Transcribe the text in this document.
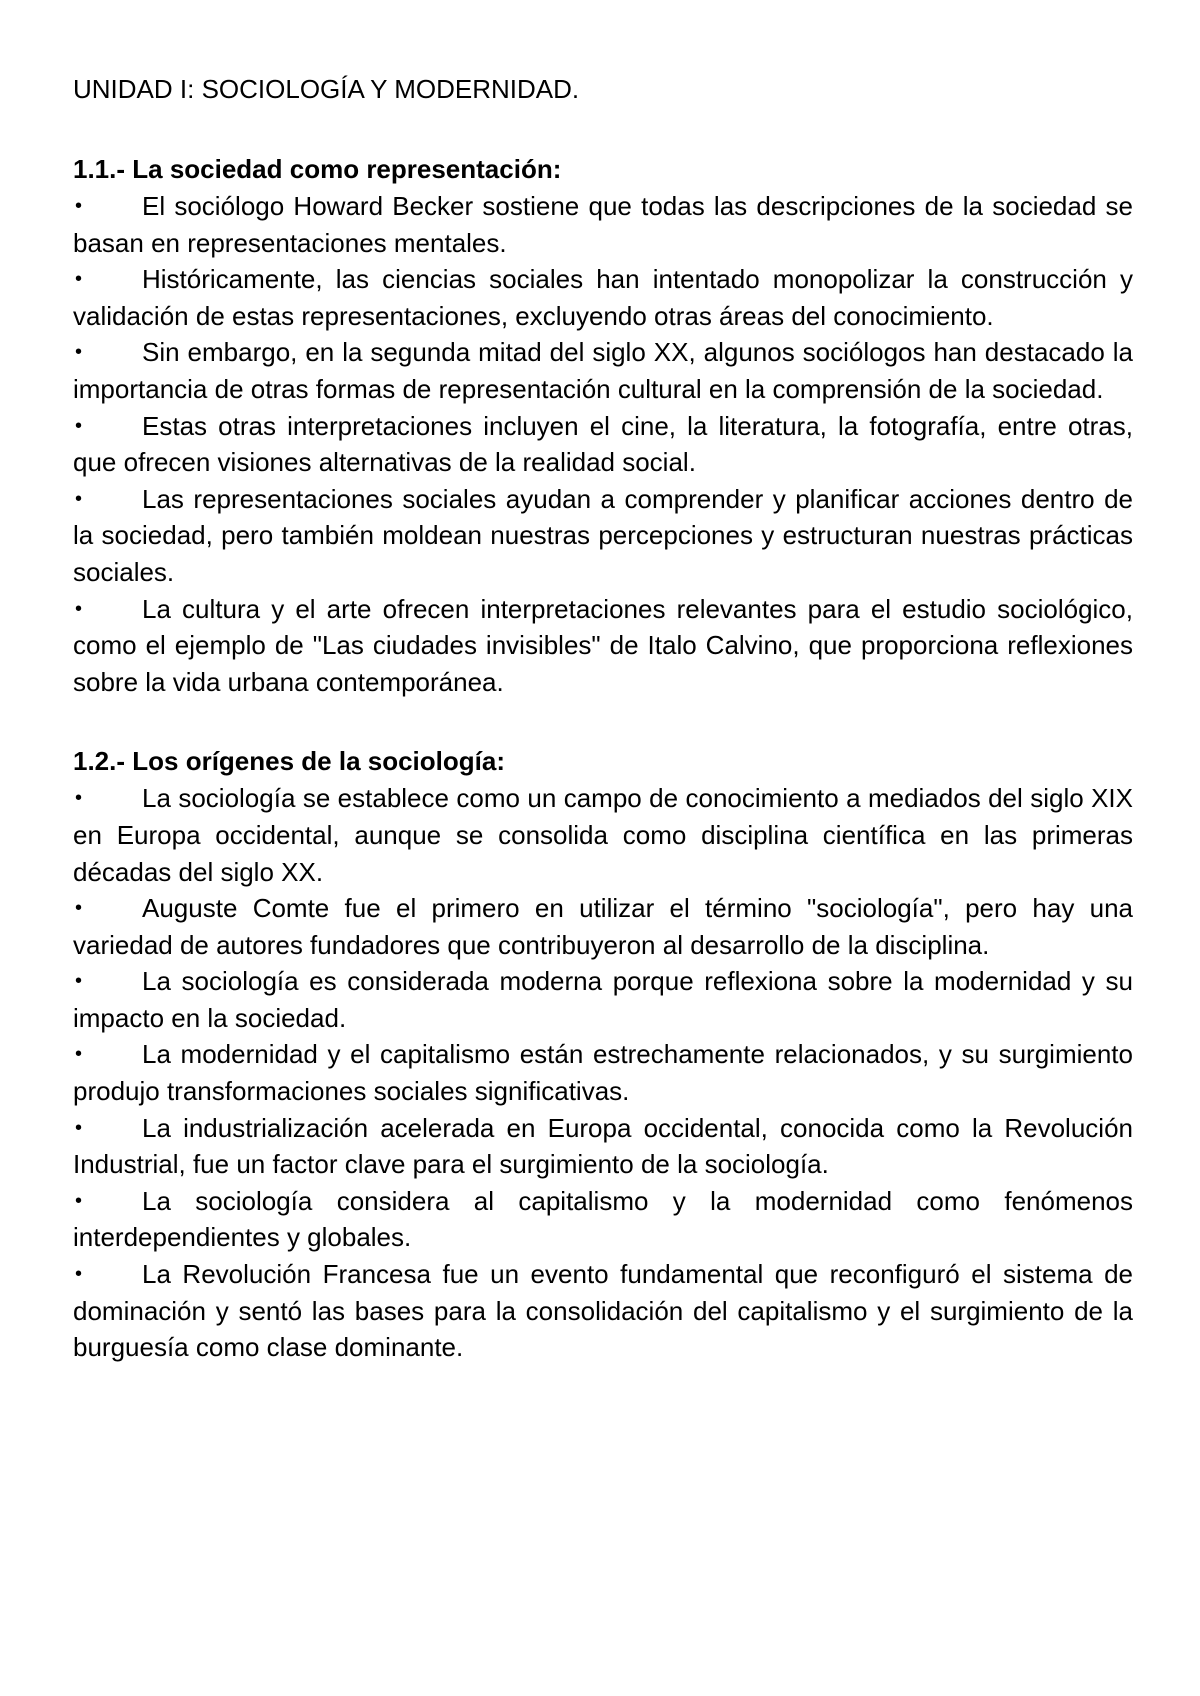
UNIDAD I: SOCIOLOGÍA Y MODERNIDAD.
1.1.- La sociedad como representación:
• El sociólogo Howard Becker sostiene que todas las descripciones de la sociedad se basan en representaciones mentales.
• Históricamente, las ciencias sociales han intentado monopolizar la construcción y validación de estas representaciones, excluyendo otras áreas del conocimiento.
• Sin embargo, en la segunda mitad del siglo XX, algunos sociólogos han destacado la importancia de otras formas de representación cultural en la comprensión de la sociedad.
• Estas otras interpretaciones incluyen el cine, la literatura, la fotografía, entre otras, que ofrecen visiones alternativas de la realidad social.
• Las representaciones sociales ayudan a comprender y planificar acciones dentro de la sociedad, pero también moldean nuestras percepciones y estructuran nuestras prácticas sociales.
• La cultura y el arte ofrecen interpretaciones relevantes para el estudio sociológico, como el ejemplo de "Las ciudades invisibles" de Italo Calvino, que proporciona reflexiones sobre la vida urbana contemporánea.
1.2.- Los orígenes de la sociología:
• La sociología se establece como un campo de conocimiento a mediados del siglo XIX en Europa occidental, aunque se consolida como disciplina científica en las primeras décadas del siglo XX.
• Auguste Comte fue el primero en utilizar el término "sociología", pero hay una variedad de autores fundadores que contribuyeron al desarrollo de la disciplina.
• La sociología es considerada moderna porque reflexiona sobre la modernidad y su impacto en la sociedad.
• La modernidad y el capitalismo están estrechamente relacionados, y su surgimiento produjo transformaciones sociales significativas.
• La industrialización acelerada en Europa occidental, conocida como la Revolución Industrial, fue un factor clave para el surgimiento de la sociología.
• La sociología considera al capitalismo y la modernidad como fenómenos interdependientes y globales.
• La Revolución Francesa fue un evento fundamental que reconfiguró el sistema de dominación y sentó las bases para la consolidación del capitalismo y el surgimiento de la burguesía como clase dominante.
